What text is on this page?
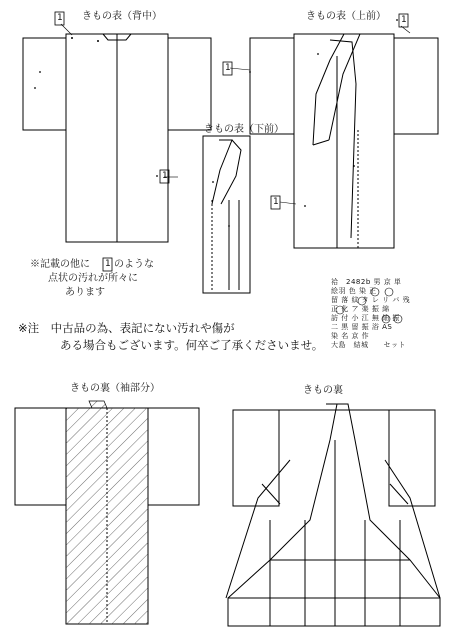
1	1
1
1
1
1
きもの表（背中）	きもの表（上前）
きもの表（下前）
きもの裏（袖部分）	きもの裏
※記載の他に のような
点状の汚れが所々に
あります
※注　中古品の為、表記にない汚れや傷が
ある場合もございます。何卒ご了承くださいませ。
袷　2482b 男 京 単
絵羽 色 染 正
留 落 紋 タ レ リ バ 残
正 化 ア 楽 振 綿
訪 付 小 江 無 紬 振
二 黒 留 振 浴 AS
染 名 京 作
大島　結城　　セット
